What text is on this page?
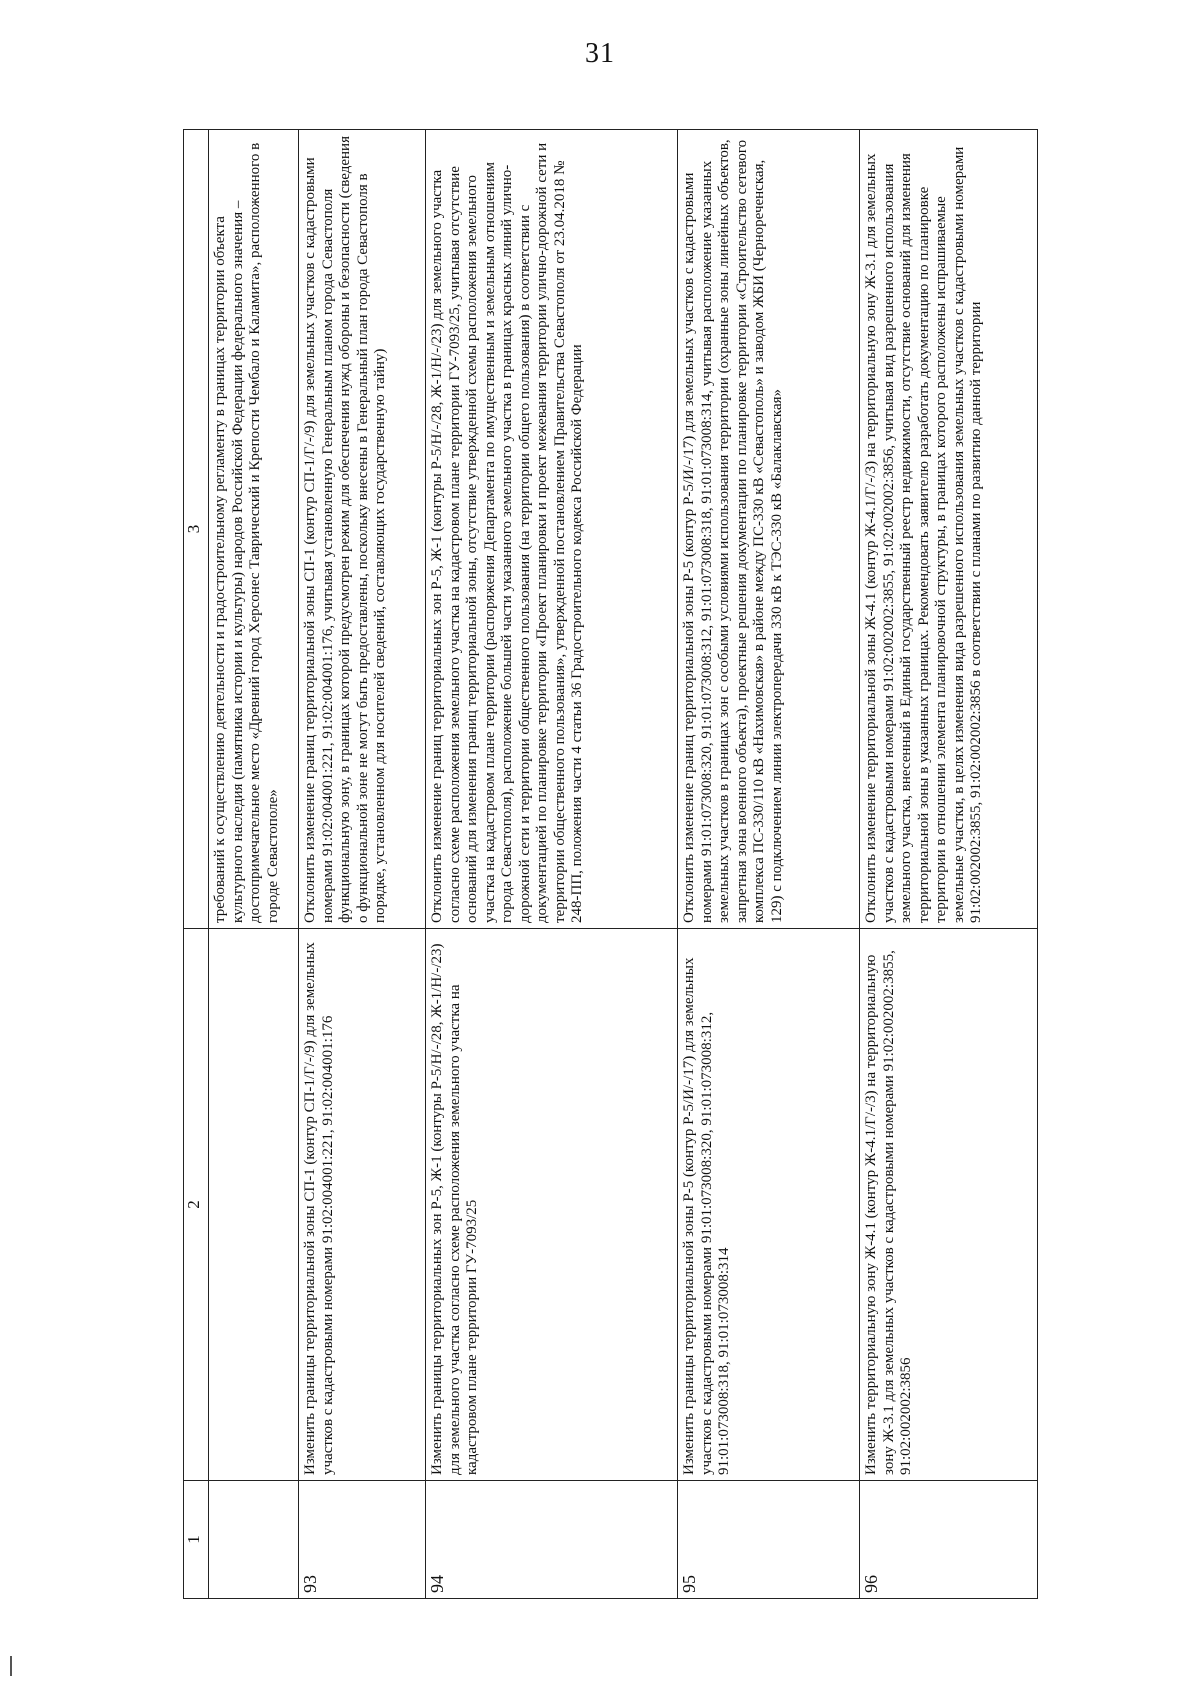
31
1	2	3
		требований к осуществлению деятельности и градостроительному регламенту в границах территории объекта культурного наследия (памятника истории и культуры) народов Российской Федерации федерального значения – достопримечательное место «Древний город Херсонес Таврический и Крепости Чембало и Каламита», расположенного в городе Севастополе»
93	Изменить границы территориальной зоны СП-1 (контур СП-1/Г/-/9) для земельных участков с кадастровыми номерами 91:02:004001:221, 91:02:004001:176	Отклонить изменение границ территориальной зоны СП-1 (контур СП-1/Г/-/9) для земельных участков с кадастровыми номерами 91:02:004001:221, 91:02:004001:176, учитывая установленную Генеральным планом города Севастополя функциональную зону, в границах которой предусмотрен режим для обеспечения нужд обороны и безопасности (сведения о функциональной зоне не могут быть предоставлены, поскольку внесены в Генеральный план города Севастополя в порядке, установленном для носителей сведений, составляющих государственную тайну)
94	Изменить границы территориальных зон Р-5, Ж-1 (контуры Р-5/Н/-/28, Ж-1/Н/-/23) для земельного участка согласно схеме расположения земельного участка на кадастровом плане территории ГУ-7093/25	Отклонить изменение границ территориальных зон Р-5, Ж-1 (контуры Р-5/Н/-/28, Ж-1/Н/-/23) для земельного участка согласно схеме расположения земельного участка на кадастровом плане территории ГУ-7093/25, учитывая отсутствие оснований для изменения границ территориальной зоны, отсутствие утвержденной схемы расположения земельного участка на кадастровом плане территории (распоряжения Департамента по имущественным и земельным отношениям города Севастополя), расположение большей части указанного земельного участка в границах красных линий улично-дорожной сети и территории общественного пользования (на территории общего пользования) в соответствии с документацией по планировке территории «Проект планировки и проект межевания территории улично-дорожной сети и территории общественного пользования», утвержденной постановлением Правительства Севастополя от 23.04.2018 № 248-ПП, положения части 4 статьи 36 Градостроительного кодекса Российской Федерации
95	Изменить границы территориальной зоны Р-5 (контур Р-5/И/-/17) для земельных участков с кадастровыми номерами 91:01:073008:320, 91:01:073008:312, 91:01:073008:318, 91:01:073008:314	Отклонить изменение границ территориальной зоны Р-5 (контур Р-5/И/-/17) для земельных участков с кадастровыми номерами 91:01:073008:320, 91:01:073008:312, 91:01:073008:318, 91:01:073008:314, учитывая расположение указанных земельных участков в границах зон с особыми условиями использования территории (охранные зоны линейных объектов, запретная зона военного объекта), проектные решения документации по планировке территории «Строительство сетевого комплекса ПС-330/110 кВ «Нахимовская» в районе между ПС-330 кВ «Севастополь» и заводом ЖБИ (Чернореченская, 129) с подключением линии электропередачи 330 кВ к ТЭС-330 кВ «Балаклавская»
96	Изменить территориальную зону Ж-4.1 (контур Ж-4.1/Г/-/3) на территориальную зону Ж-3.1 для земельных участков с кадастровыми номерами 91:02:002002:3855, 91:02:002002:3856	Отклонить изменение территориальной зоны Ж-4.1 (контур Ж-4.1/Г/-/3) на территориальную зону Ж-3.1 для земельных участков с кадастровыми номерами 91:02:002002:3855, 91:02:002002:3856, учитывая вид разрешенного использования земельного участка, внесенный в Единый государственный реестр недвижимости, отсутствие оснований для изменения территориальной зоны в указанных границах. Рекомендовать заявителю разработать документацию по планировке территории в отношении элемента планировочной структуры, в границах которого расположены испрашиваемые земельные участки, в целях изменения вида разрешенного использования земельных участков с кадастровыми номерами 91:02:002002:3855, 91:02:002002:3856 в соответствии с планами по развитию данной территории
